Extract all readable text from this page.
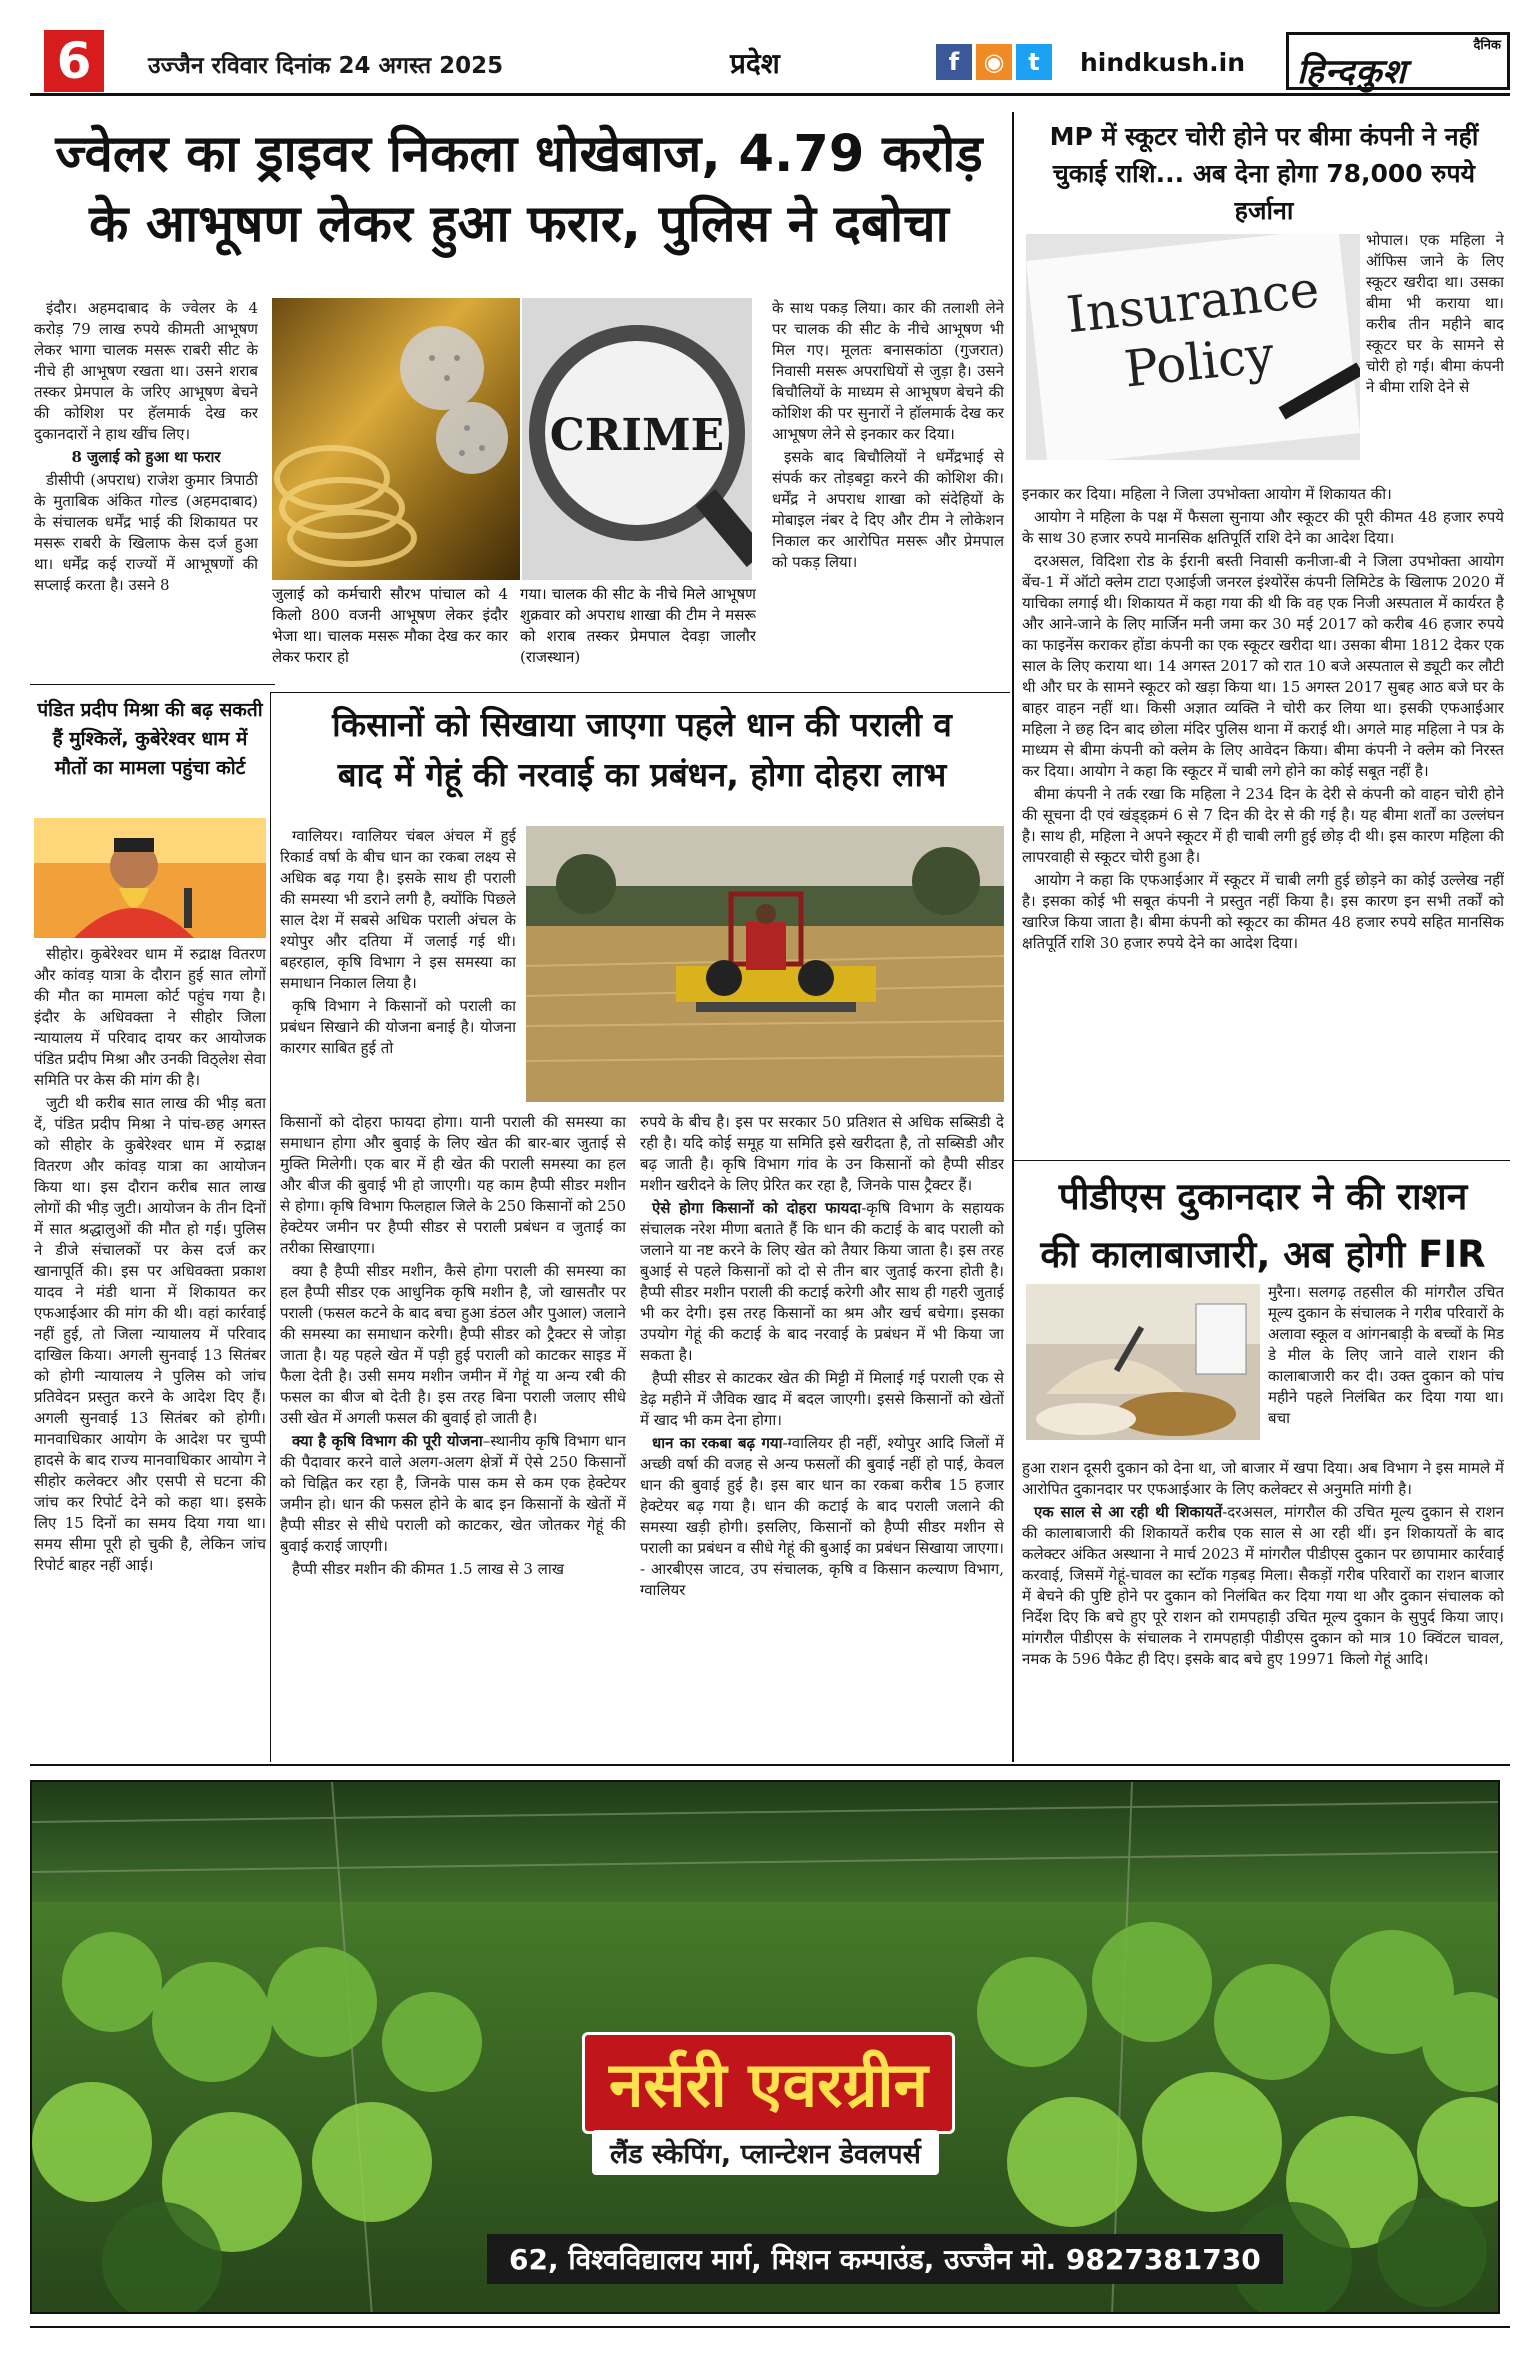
6	उज्जैन रविवार दिनांक 24 अगस्त 2025	प्रदेश	f	◉ t	hindkush.in
दैनिक
हिन्दकुश
ज्वेलर का ड्राइवर निकला धोखेबाज, 4.79 करोड़
के आभूषण लेकर हुआ फरार, पुलिस ने दबोचा

इंदौर। अहमदाबाद के ज्वेलर के 4 करोड़ 79 लाख रुपये कीमती आभूषण लेकर भागा चालक मसरू राबरी सीट के नीचे ही आभूषण रखता था। उसने शराब तस्कर प्रेमपाल के जरिए आभूषण बेचने की कोशिश पर हॅलमार्क देख कर दुकानदारों ने हाथ खींच लिए।

8 जुलाई को हुआ था फरार

डीसीपी (अपराध) राजेश कुमार त्रिपाठी के मुताबिक अंकित गोल्ड (अहमदाबाद) के संचालक धर्मेंद्र भाई की शिकायत पर मसरू राबरी के खिलाफ केस दर्ज हुआ था। धर्मेंद्र कई राज्यों में आभूषणों की सप्लाई करता है। उसने 8

CRIME
जुलाई को कर्मचारी सौरभ पांचाल को 4 किलो 800 वजनी आभूषण लेकर इंदौर भेजा था। चालक मसरू मौका देख कर कार लेकर फरार हो
गया। चालक की सीट के नीचे मिले आभूषण शुक्रवार को अपराध शाखा की टीम ने मसरू को शराब तस्कर प्रेमपाल देवड़ा जालौर (राजस्थान)

के साथ पकड़ लिया। कार की तलाशी लेने पर चालक की सीट के नीचे आभूषण भी मिल गए। मूलतः बनासकांठा (गुजरात) निवासी मसरू अपराधियों से जुड़ा है। उसने बिचौलियों के माध्यम से आभूषण बेचने की कोशिश की पर सुनारों ने हॉलमार्क देख कर आभूषण लेने से इनकार कर दिया।

इसके बाद बिचौलियों ने धर्मेंद्रभाई से संपर्क कर तोड़बट्टा करने की कोशिश की। धर्मेंद्र ने अपराध शाखा को संदेहियों के मोबाइल नंबर दे दिए और टीम ने लोकेशन निकाल कर आरोपित मसरू और प्रेमपाल को पकड़ लिया।

पंडित प्रदीप मिश्रा की बढ़ सकती हैं मुश्किलें, कुबेरेश्वर धाम में मौतों का मामला पहुंचा कोर्ट

सीहोर। कुबेरेश्वर धाम में रुद्राक्ष वितरण और कांवड़ यात्रा के दौरान हुई सात लोगों की मौत का मामला कोर्ट पहुंच गया है। इंदौर के अधिवक्ता ने सीहोर जिला न्यायालय में परिवाद दायर कर आयोजक पंडित प्रदीप मिश्रा और उनकी विठ्लेश सेवा समिति पर केस की मांग की है।

जुटी थी करीब सात लाख की भीड़ बता दें, पंडित प्रदीप मिश्रा ने पांच-छह अगस्त को सीहोर के कुबेरेश्वर धाम में रुद्राक्ष वितरण और कांवड़ यात्रा का आयोजन किया था। इस दौरान करीब सात लाख लोगों की भीड़ जुटी। आयोजन के तीन दिनों में सात श्रद्धालुओं की मौत हो गई। पुलिस ने डीजे संचालकों पर केस दर्ज कर खानापूर्ति की। इस पर अधिवक्ता प्रकाश यादव ने मंडी थाना में शिकायत कर एफआईआर की मांग की थी। वहां कार्रवाई नहीं हुई, तो जिला न्यायालय में परिवाद दाखिल किया। अगली सुनवाई 13 सितंबर को होगी न्यायालय ने पुलिस को जांच प्रतिवेदन प्रस्तुत करने के आदेश दिए हैं। अगली सुनवाई 13 सितंबर को होगी।मानवाधिकार आयोग के आदेश पर चुप्पी हादसे के बाद राज्य मानवाधिकार आयोग ने सीहोर कलेक्टर और एसपी से घटना की जांच कर रिपोर्ट देने को कहा था। इसके लिए 15 दिनों का समय दिया गया था। समय सीमा पूरी हो चुकी है, लेकिन जांच रिपोर्ट बाहर नहीं आई।

किसानों को सिखाया जाएगा पहले धान की पराली व
बाद में गेहूं की नरवाई का प्रबंधन, होगा दोहरा लाभ

ग्वालियर। ग्वालियर चंबल अंचल में हुई रिकार्ड वर्षा के बीच धान का रकबा लक्ष्य से अधिक बढ़ गया है। इसके साथ ही पराली की समस्या भी डराने लगी है, क्योंकि पिछले साल देश में सबसे अधिक पराली अंचल के श्योपुर और दतिया में जलाई गई थी। बहरहाल, कृषि विभाग ने इस समस्या का समाधान निकाल लिया है।

कृषि विभाग ने किसानों को पराली का प्रबंधन सिखाने की योजना बनाई है। योजना कारगर साबित हुई तो

किसानों को दोहरा फायदा होगा। यानी पराली की समस्या का समाधान होगा और बुवाई के लिए खेत की बार-बार जुताई से मुक्ति मिलेगी। एक बार में ही खेत की पराली समस्या का हल और बीज की बुवाई भी हो जाएगी। यह काम हैप्पी सीडर मशीन से होगा। कृषि विभाग फिलहाल जिले के 250 किसानों को 250 हेक्टेयर जमीन पर हैप्पी सीडर से पराली प्रबंधन व जुताई का तरीका सिखाएगा।

क्या है हैप्पी सीडर मशीन, कैसे होगा पराली की समस्या का हल हैप्पी सीडर एक आधुनिक कृषि मशीन है, जो खासतौर पर पराली (फसल कटने के बाद बचा हुआ डंठल और पुआल) जलाने की समस्या का समाधान करेगी। हैप्पी सीडर को ट्रैक्टर से जोड़ा जाता है। यह पहले खेत में पड़ी हुई पराली को काटकर साइड में फैला देती है। उसी समय मशीन जमीन में गेहूं या अन्य रबी की फसल का बीज बो देती है। इस तरह बिना पराली जलाए सीधे उसी खेत में अगली फसल की बुवाई हो जाती है।

क्या है कृषि विभाग की पूरी योजना–स्थानीय कृषि विभाग धान की पैदावार करने वाले अलग-अलग क्षेत्रों में ऐसे 250 किसानों को चिह्नित कर रहा है, जिनके पास कम से कम एक हेक्टेयर जमीन हो। धान की फसल होने के बाद इन किसानों के खेतों में हैप्पी सीडर से सीधे पराली को काटकर, खेत जोतकर गेहूं की बुवाई कराई जाएगी।

हैप्पी सीडर मशीन की कीमत 1.5 लाख से 3 लाख

रुपये के बीच है। इस पर सरकार 50 प्रतिशत से अधिक सब्सिडी दे रही है। यदि कोई समूह या समिति इसे खरीदता है, तो सब्सिडी और बढ़ जाती है। कृषि विभाग गांव के उन किसानों को हैप्पी सीडर मशीन खरीदने के लिए प्रेरित कर रहा है, जिनके पास ट्रैक्टर हैं।

ऐसे होगा किसानों को दोहरा फायदा-कृषि विभाग के सहायक संचालक नरेश मीणा बताते हैं कि धान की कटाई के बाद पराली को जलाने या नष्ट करने के लिए खेत को तैयार किया जाता है। इस तरह बुआई से पहले किसानों को दो से तीन बार जुताई करना होती है। हैप्पी सीडर मशीन पराली की कटाई करेगी और साथ ही गहरी जुताई भी कर देगी। इस तरह किसानों का श्रम और खर्च बचेगा। इसका उपयोग गेहूं की कटाई के बाद नरवाई के प्रबंधन में भी किया जा सकता है।

हैप्पी सीडर से काटकर खेत की मिट्टी में मिलाई गई पराली एक से डेढ़ महीने में जैविक खाद में बदल जाएगी। इससे किसानों को खेतों में खाद भी कम देना होगा।

धान का रकबा बढ़ गया-ग्वालियर ही नहीं, श्योपुर आदि जिलों में अच्छी वर्षा की वजह से अन्य फसलों की बुवाई नहीं हो पाई, केवल धान की बुवाई हुई है। इस बार धान का रकबा करीब 15 हजार हेक्टेयर बढ़ गया है। धान की कटाई के बाद पराली जलाने की समस्या खड़ी होगी। इसलिए, किसानों को हैप्पी सीडर मशीन से पराली का प्रबंधन व सीधे गेहूं की बुआई का प्रबंधन सिखाया जाएगा। - आरबीएस जाटव, उप संचालक, कृषि व किसान कल्याण विभाग, ग्वालियर

MP में स्कूटर चोरी होने पर बीमा कंपनी ने नहीं चुकाई राशि... अब देना होगा 78,000 रुपये हर्जाना
Insurance
Policy
भोपाल। एक महिला ने ऑफिस जाने के लिए स्कूटर खरीदा था। उसका बीमा भी कराया था। करीब तीन महीने बाद स्कूटर घर के सामने से चोरी हो गई। बीमा कंपनी ने बीमा राशि देने से

इनकार कर दिया। महिला ने जिला उपभोक्ता आयोग में शिकायत की।

आयोग ने महिला के पक्ष में फैसला सुनाया और स्कूटर की पूरी कीमत 48 हजार रुपये के साथ 30 हजार रुपये मानसिक क्षतिपूर्ति राशि देने का आदेश दिया।

दरअसल, विदिशा रोड के ईरानी बस्ती निवासी कनीजा-बी ने जिला उपभोक्ता आयोग बेंच-1 में ऑटो क्लेम टाटा एआईजी जनरल इंश्योरेंस कंपनी लिमिटेड के खिलाफ 2020 में याचिका लगाई थी। शिकायत में कहा गया की थी कि वह एक निजी अस्पताल में कार्यरत है और आने-जाने के लिए मार्जिन मनी जमा कर 30 मई 2017 को करीब 46 हजार रुपये का फाइनेंस कराकर होंडा कंपनी का एक स्कूटर खरीदा था। उसका बीमा 1812 देकर एक साल के लिए कराया था। 14 अगस्त 2017 को रात 10 बजे अस्पताल से ड्यूटी कर लौटी थी और घर के सामने स्कूटर को खड़ा किया था। 15 अगस्त 2017 सुबह आठ बजे घर के बाहर वाहन नहीं था। किसी अज्ञात व्यक्ति ने चोरी कर लिया था। इसकी एफआईआर महिला ने छह दिन बाद छोला मंदिर पुलिस थाना में कराई थी। अगले माह महिला ने पत्र के माध्यम से बीमा कंपनी को क्लेम के लिए आवेदन किया। बीमा कंपनी ने क्लेम को निरस्त कर दिया। आयोग ने कहा कि स्कूटर में चाबी लगे होने का कोई सबूत नहीं है।

बीमा कंपनी ने तर्क रखा कि महिला ने 234 दिन के देरी से कंपनी को वाहन चोरी होने की सूचना दी एवं खंड्ड्क्रमं 6 से 7 दिन की देर से की गई है। यह बीमा शर्तों का उल्लंघन है। साथ ही, महिला ने अपने स्कूटर में ही चाबी लगी हुई छोड़ दी थी। इस कारण महिला की लापरवाही से स्कूटर चोरी हुआ है।

आयोग ने कहा कि एफआईआर में स्कूटर में चाबी लगी हुई छोड़ने का कोई उल्लेख नहीं है। इसका कोई भी सबूत कंपनी ने प्रस्तुत नहीं किया है। इस कारण इन सभी तर्कों को खारिज किया जाता है। बीमा कंपनी को स्कूटर का कीमत 48 हजार रुपये सहित मानसिक क्षतिपूर्ति राशि 30 हजार रुपये देने का आदेश दिया।

पीडीएस दुकानदार ने की राशन
की कालाबाजारी, अब होगी FIR
मुरैना। सलगढ़ तहसील की मांगरौल उचित मूल्य दुकान के संचालक ने गरीब परिवारों के अलावा स्कूल व आंगनबाड़ी के बच्चों के मिड डे मील के लिए जाने वाले राशन की कालाबाजारी कर दी। उक्त दुकान को पांच महीने पहले निलंबित कर दिया गया था। बचा

हुआ राशन दूसरी दुकान को देना था, जो बाजार में खपा दिया। अब विभाग ने इस मामले में आरोपित दुकानदार पर एफआईआर के लिए कलेक्टर से अनुमति मांगी है।

एक साल से आ रही थी शिकायतें-दरअसल, मांगरौल की उचित मूल्य दुकान से राशन की कालाबाजारी की शिकायतें करीब एक साल से आ रही थीं। इन शिकायतों के बाद कलेक्टर अंकित अस्थाना ने मार्च 2023 में मांगरौल पीडीएस दुकान पर छापामार कार्रवाई करवाई, जिसमें गेहूं-चावल का स्टॉक गड़बड़ मिला। सैकड़ों गरीब परिवारों का राशन बाजार में बेचने की पुष्टि होने पर दुकान को निलंबित कर दिया गया था और दुकान संचालक को निर्देश दिए कि बचे हुए पूरे राशन को रामपहाड़ी उचित मूल्य दुकान के सुपुर्द किया जाए। मांगरौल पीडीएस के संचालक ने रामपहाड़ी पीडीएस दुकान को मात्र 10 क्विंटल चावल, नमक के 596 पैकेट ही दिए। इसके बाद बचे हुए 19971 किलो गेहूं आदि।

नर्सरी एवरग्रीन
लैंड स्केपिंग, प्लान्टेशन डेवलपर्स
62, विश्वविद्यालय मार्ग, मिशन कम्पाउंड, उज्जैन मो. 9827381730
